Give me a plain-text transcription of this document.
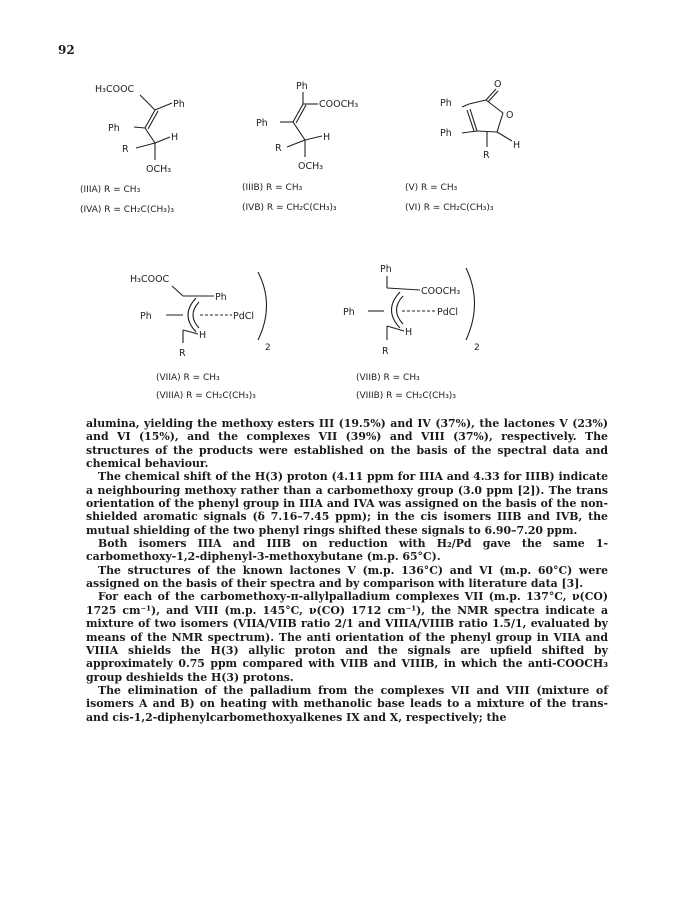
92
H₃COOC
Ph
Ph
H
R
OCH₃
(IIIA) R = CH₃
(IVA) R = CH₂C(CH₃)₃
Ph
COOCH₃
Ph
H
R
OCH₃
(IIIB) R = CH₃
(IVB) R = CH₂C(CH₃)₃
O
O
Ph
Ph
H
R
(V) R = CH₃
(VI) R = CH₂C(CH₃)₃
H₃COOC
Ph
Ph	PdCl
H
R	2
(VIIA) R = CH₃
(VIIIA) R = CH₂C(CH₃)₃
Ph
COOCH₃
Ph	PdCl
H
R	2
(VIIB) R = CH₃
(VIIIB) R = CH₂C(CH₃)₃

alumina, yielding the methoxy esters III (19.5%) and IV (37%), the lactones V (23%) and VI (15%), and the complexes VII (39%) and VIII (37%), respectively. The structures of the products were established on the basis of the spectral data and chemical behaviour.

The chemical shift of the H(3) proton (4.11 ppm for IIIA and 4.33 for IIIB) indicate a neighbouring methoxy rather than a carbomethoxy group (3.0 ppm [2]). The trans orientation of the phenyl group in IIIA and IVA was assigned on the basis of the non-shielded aromatic signals (δ 7.16–7.45 ppm); in the cis isomers IIIB and IVB, the mutual shielding of the two phenyl rings shifted these signals to 6.90–7.20 ppm.

Both isomers IIIA and IIIB on reduction with H₂/Pd gave the same 1-carbomethoxy-1,2-diphenyl-3-methoxybutane (m.p. 65°C).

The structures of the known lactones V (m.p. 136°C) and VI (m.p. 60°C) were assigned on the basis of their spectra and by comparison with literature data [3].

For each of the carbomethoxy-π-allylpalladium complexes VII (m.p. 137°C, ν(CO) 1725 cm⁻¹), and VIII (m.p. 145°C, ν(CO) 1712 cm⁻¹), the NMR spectra indicate a mixture of two isomers (VIIA/VIIB ratio 2/1 and VIIIA/VIIIB ratio 1.5/1, evaluated by means of the NMR spectrum). The anti orientation of the phenyl group in VIIA and VIIIA shields the H(3) allylic proton and the signals are upfield shifted by approximately 0.75 ppm compared with VIIB and VIIIB, in which the anti-COOCH₃ group deshields the H(3) protons.

The elimination of the palladium from the complexes VII and VIII (mixture of isomers A and B) on heating with methanolic base leads to a mixture of the trans- and cis-1,2-diphenylcarbomethoxyalkenes IX and X, respectively; the
